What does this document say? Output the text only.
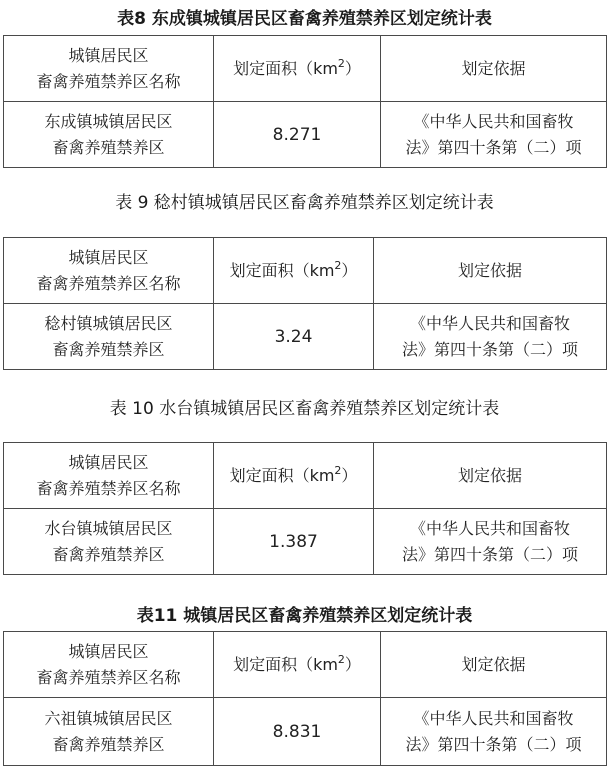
表8 东成镇城镇居民区畜禽养殖禁养区划定统计表
城镇居民区
畜禽养殖禁养区名称	划定面积$(km^2)$	划定依据

东成镇城镇居民区
畜禽养殖禁养区	8.271	《中华人民共和国畜牧
法》第四十条第（二）项
表 9 稔村镇城镇居民区畜禽养殖禁养区划定统计表
城镇居民区
畜禽养殖禁养区名称	划定面积$(km^2)$	划定依据

稔村镇城镇居民区
畜禽养殖禁养区	3.24	《中华人民共和国畜牧
法》第四十条第（二）项
表 10 水台镇城镇居民区畜禽养殖禁养区划定统计表
城镇居民区
畜禽养殖禁养区名称	划定面积$(km^2)$	划定依据

水台镇城镇居民区
畜禽养殖禁养区	1.387	《中华人民共和国畜牧
法》第四十条第（二）项
表11 城镇居民区畜禽养殖禁养区划定统计表
城镇居民区
畜禽养殖禁养区名称	划定面积$(km^2)$	划定依据

六祖镇城镇居民区
畜禽养殖禁养区	8.831	《中华人民共和国畜牧
法》第四十条第（二）项
